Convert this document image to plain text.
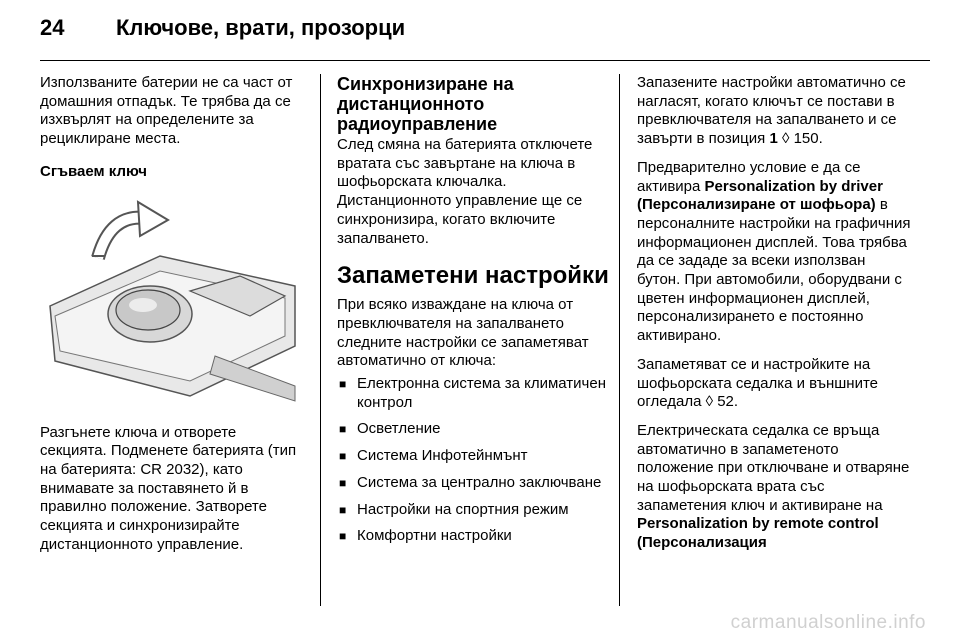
24	Ключове, врати, прозорци

Използваните батерии не са част от домашния отпадък. Те трябва да се изхвърлят на определените за рециклиране места.

Сгъваем ключ

Разгънете ключа и отворете секцията. Подменете батерията (тип на батерията: CR 2032), като внимавате за поставянето й в правилно положение. Затворете секцията и синхронизирайте дистанционното управление.

Синхронизиране на дистанционното радиоуправление

След смяна на батерията отключете вратата със завъртане на ключа в шофьорската ключалка. Дистанционното управление ще се синхронизира, когато включите запалването.

Запаметени настройки

При всяко изваждане на ключа от превключвателя на запалването следните настройки се запаметяват автоматично от ключа:

■ Електронна система за климатичен контрол
■ Осветление
■ Система Инфотейнмънт
■ Система за централно заключване
■ Настройки на спортния режим
■ Комфортни настройки

Запазените настройки автоматично се нагласят, когато ключът се постави в превключвателя на запалването и се завърти в позиция 1 ◊ 150.

Предварително условие е да се активира Personalization by driver (Персонализиране от шофьора) в персоналните настройки на графичния информационен дисплей. Това трябва да се зададе за всеки използван бутон. При автомобили, оборудвани с цветен информационен дисплей, персонализирането е постоянно активирано.

Запаметяват се и настройките на шофьорската седалка и външните огледала ◊ 52.

Електрическата седалка се връща автоматично в запаметеното положение при отключване и отваряне на шофьорската врата със запаметения ключ и активиране на Personalization by remote control (Персонализация

carmanualsonline.info
